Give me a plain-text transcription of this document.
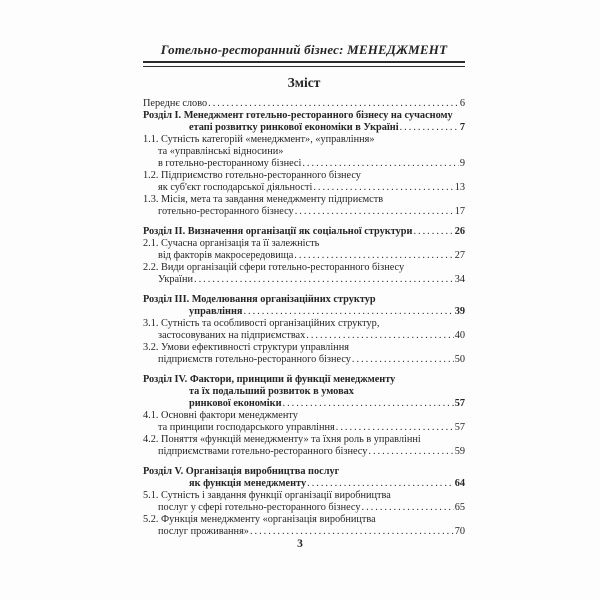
Готельно-ресторанний бізнес: МЕНЕДЖМЕНТ
Зміст
Переднє слово .....	6
Розділ I. Менеджмент готельно-ресторанного бізнесу на сучасному
етапі розвитку ринкової економіки в Україні .....	7
1.1. Сутність категорій «менеджмент», «управління»
та «управлінські відносини»
в готельно-ресторанному бізнесі .....	9
1.2. Підприємство готельно-ресторанного бізнесу
як суб'єкт господарської діяльності .....	13
1.3. Місія, мета та завдання менеджменту підприємств
готельно-ресторанного бізнесу .....	17
Розділ II. Визначення організації як соціальної структури .....	26
2.1. Сучасна організація та її залежність
від факторів макросередовища .....	27
2.2. Види організацій сфери готельно-ресторанного бізнесу
України .....	34
Розділ III. Моделювання організаційних структур
управління .....	39
3.1. Сутність та особливості організаційних структур,
застосовуваних на підприємствах .....	40
3.2. Умови ефективності структури управління
підприємств готельно-ресторанного бізнесу .....	50
Розділ IV. Фактори, принципи й функції менеджменту
та їх подальший розвиток в умовах
ринкової економіки .....	57
4.1. Основні фактори менеджменту
та принципи господарського управління .....	57
4.2. Поняття «функцій менеджменту» та їхня роль в управлінні
підприємствами готельно-ресторанного бізнесу .....	59
Розділ V. Організація виробництва послуг
як функція менеджменту .....	64
5.1. Сутність і завдання функції організації виробництва
послуг у сфері готельно-ресторанного бізнесу .....	65
5.2. Функція менеджменту «організація виробництва
послуг проживання» .....	70
3
